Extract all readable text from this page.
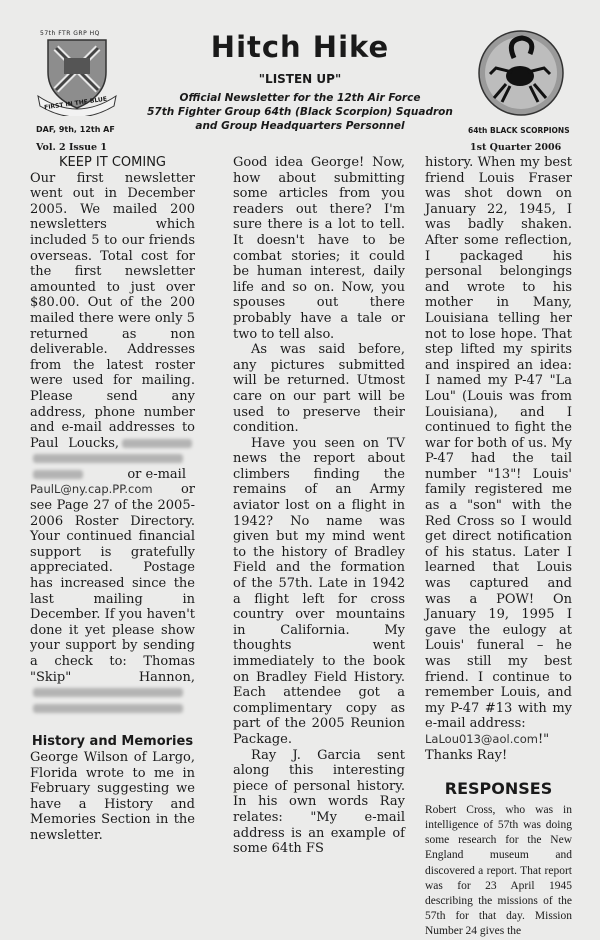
57th FTR GRP HQ
FIRST IN THE BLUE
Hitch Hike
"LISTEN UP"
Official Newsletter for the 12th Air Force
57th Fighter Group 64th (Black Scorpion) Squadron
and Group Headquarters Personnel
DAF, 9th, 12th AF	64th BLACK SCORPIONS
Vol. 2 Issue 1	1st Quarter 2006

KEEP IT COMING

Our first newsletter went out in December 2005. We mailed 200 newsletters which included 5 to our friends overseas. Total cost for the first newsletter amounted to just over $80.00. Out of the 200 mailed there were only 5 returned as non deliverable. Addresses from the latest roster were used for mailing. Please send any address, phone number and e-mail addresses to Paul Loucks,          or e-mail
PaulL@ny.cap.PP.com or see Page 27 of the 2005-2006 Roster Directory. Your continued financial support is gratefully appreciated. Postage has increased since the last mailing in December. If you haven't done it yet please show your support by sending a check to: Thomas "Skip" Hannon,

History and Memories

George Wilson of Largo, Florida wrote to me in February suggesting we have a History and Memories Section in the newsletter.

Good idea George! Now, how about submitting some articles from you readers out there? I'm sure there is a lot to tell. It doesn't have to be combat stories; it could be human interest, daily life and so on. Now, you spouses out there probably have a tale or two to tell also.

As was said before, any pictures submitted will be returned. Utmost care on our part will be used to preserve their condition.

Have you seen on TV news the report about climbers finding the remains of an Army aviator lost on a flight in 1942? No name was given but my mind went to the history of Bradley Field and the formation of the 57th. Late in 1942 a flight left for cross country over mountains in California. My thoughts went immediately to the book on Bradley Field History. Each attendee got a complimentary copy as part of the 2005 Reunion Package.

Ray J. Garcia sent along this interesting piece of personal history. In his own words Ray relates: "My e-mail address is an example of some 64th FS

history. When my best friend Louis Fraser was shot down on January 22, 1945, I was badly shaken. After some reflection, I packaged his personal belongings and wrote to his mother in Many, Louisiana telling her not to lose hope. That step lifted my spirits and inspired an idea: I named my P-47 "La Lou" (Louis was from Louisiana), and I continued to fight the war for both of us. My P-47 had the tail number "13"! Louis' family registered me as a "son" with the Red Cross so I would get direct notification of his status. Later I learned that Louis was captured and was a POW! On January 19, 1995 I gave the eulogy at Louis' funeral – he was still my best friend. I continue to remember Louis, and my P-47 #13 with my e-mail address:

LaLou013@aol.com!"

Thanks Ray!

RESPONSES

Robert Cross, who was in intelligence of 57th was doing some research for the New England museum and discovered a report. That report was for 23 April 1945 describing the missions of the 57th for that day. Mission Number 24 gives the
